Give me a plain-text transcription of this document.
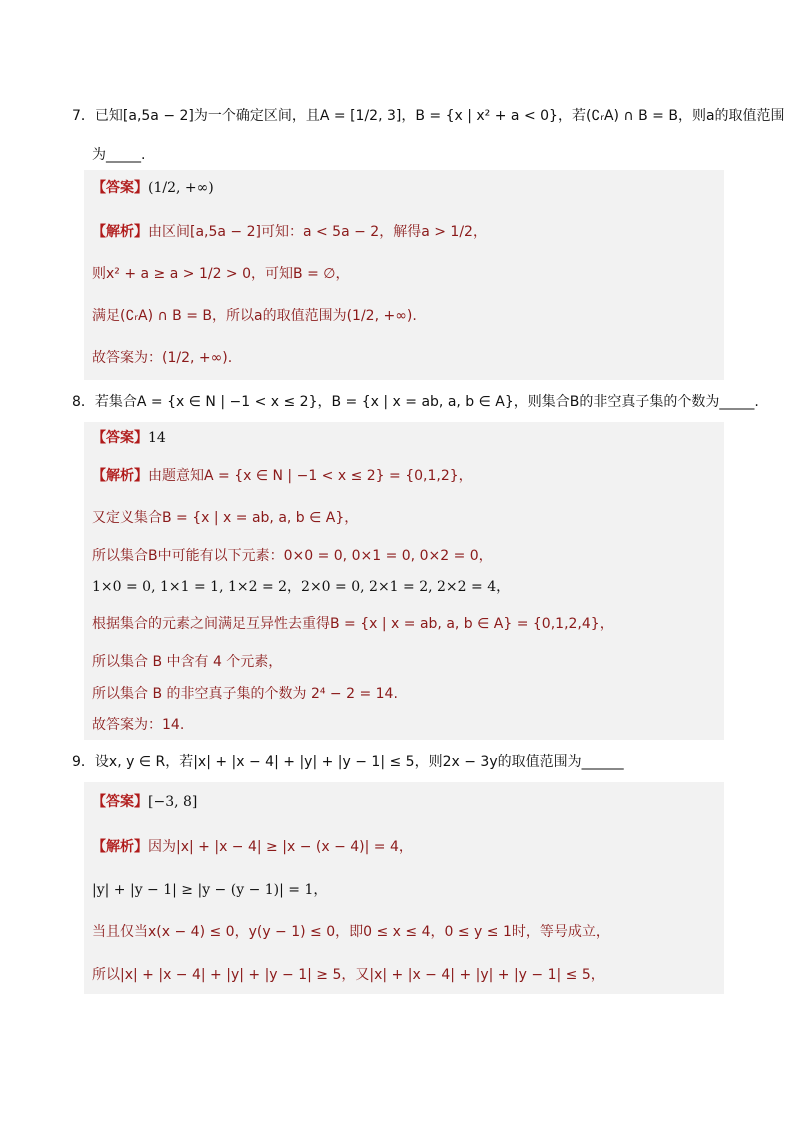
7．已知[a,5a − 2]为一个确定区间，且A = [1/2, 3]，B = {x | x² + a < 0}，若(∁ᵣA) ∩ B = B，则a的取值范围
为_____.
【答案】(1/2, +∞)
【解析】由区间[a,5a − 2]可知：a < 5a − 2，解得a > 1/2，
则x² + a ≥ a > 1/2 > 0，可知B = ∅，
满足(∁ᵣA) ∩ B = B，所以a的取值范围为(1/2, +∞).
故答案为：(1/2, +∞).
8．若集合A = {x ∈ N | −1 < x ≤ 2}，B = {x | x = ab, a, b ∈ A}，则集合B的非空真子集的个数为_____.
【答案】14
【解析】由题意知A = {x ∈ N | −1 < x ≤ 2} = {0,1,2}，
又定义集合B = {x | x = ab, a, b ∈ A}，
所以集合B中可能有以下元素：0×0 = 0, 0×1 = 0, 0×2 = 0，
1×0 = 0, 1×1 = 1, 1×2 = 2，2×0 = 0, 2×1 = 2, 2×2 = 4，
根据集合的元素之间满足互异性去重得B = {x | x = ab, a, b ∈ A} = {0,1,2,4}，
所以集合 B 中含有 4 个元素，
所以集合 B 的非空真子集的个数为 2⁴ − 2 = 14.
故答案为：14.
9．设x, y ∈ R，若|x| + |x − 4| + |y| + |y − 1| ≤ 5，则2x − 3y的取值范围为______
【答案】[−3, 8]
【解析】因为|x| + |x − 4| ≥ |x − (x − 4)| = 4，
|y| + |y − 1| ≥ |y − (y − 1)| = 1，
当且仅当x(x − 4) ≤ 0，y(y − 1) ≤ 0，即0 ≤ x ≤ 4，0 ≤ y ≤ 1时，等号成立，
所以|x| + |x − 4| + |y| + |y − 1| ≥ 5，又|x| + |x − 4| + |y| + |y − 1| ≤ 5，
